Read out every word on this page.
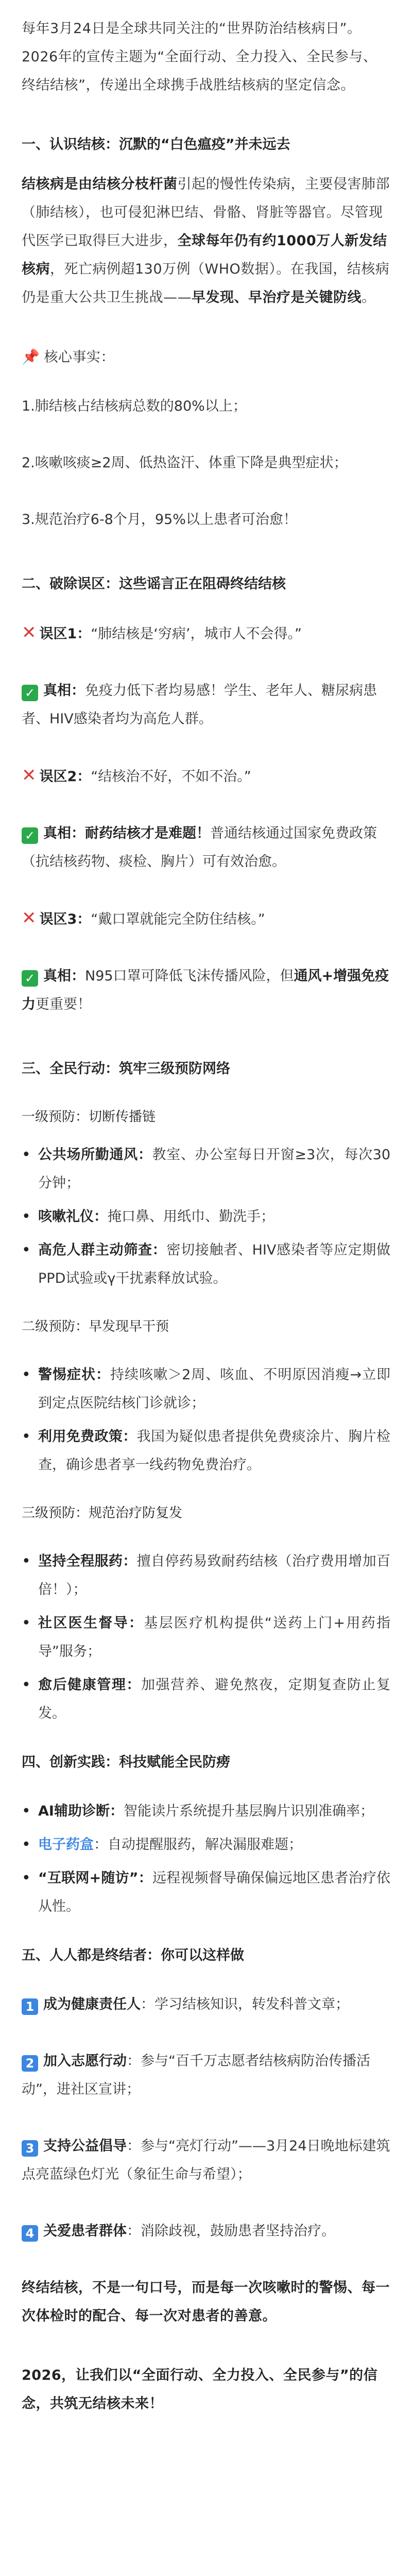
每年3月24日是全球共同关注的“世界防治结核病日”。2026年的宣传主题为“全面行动、全力投入、全民参与、终结结核”，传递出全球携手战胜结核病的坚定信念。

一、认识结核：沉默的“白色瘟疫”并未远去

结核病是由结核分枝杆菌引起的慢性传染病，主要侵害肺部（肺结核），也可侵犯淋巴结、骨骼、肾脏等器官。尽管现代医学已取得巨大进步，全球每年仍有约1000万人新发结核病，死亡病例超130万例（WHO数据）。在我国，结核病仍是重大公共卫生挑战——早发现、早治疗是关键防线。

📌 核心事实：

1.肺结核占结核病总数的80%以上；

2.咳嗽咳痰≥2周、低热盗汗、体重下降是典型症状；

3.规范治疗6-8个月，95%以上患者可治愈！

二、破除误区：这些谣言正在阻碍终结结核

✕ 误区1：“肺结核是‘穷病’，城市人不会得。”

✓ 真相：免疫力低下者均易感！学生、老年人、糖尿病患者、HIV感染者均为高危人群。

✕ 误区2：“结核治不好，不如不治。”

✓ 真相：耐药结核才是难题！普通结核通过国家免费政策（抗结核药物、痰检、胸片）可有效治愈。

✕ 误区3：“戴口罩就能完全防住结核。”

✓ 真相：N95口罩可降低飞沫传播风险，但通风+增强免疫力更重要！

三、全民行动：筑牢三级预防网络
一级预防：切断传播链
• 公共场所勤通风：教室、办公室每日开窗≥3次，每次30分钟；
• 咳嗽礼仪：掩口鼻、用纸巾、勤洗手；
• 高危人群主动筛查：密切接触者、HIV感染者等应定期做PPD试验或γ干扰素释放试验。
二级预防：早发现早干预
• 警惕症状：持续咳嗽＞2周、咳血、不明原因消瘦→立即到定点医院结核门诊就诊；
• 利用免费政策：我国为疑似患者提供免费痰涂片、胸片检查，确诊患者享一线药物免费治疗。
三级预防：规范治疗防复发
• 坚持全程服药：擅自停药易致耐药结核（治疗费用增加百倍！）；
• 社区医生督导：基层医疗机构提供“送药上门+用药指导”服务；
• 愈后健康管理：加强营养、避免熬夜，定期复查防止复发。
四、创新实践：科技赋能全民防痨
• AI辅助诊断：智能读片系统提升基层胸片识别准确率；
• 电子药盒：自动提醒服药，解决漏服难题；
• “互联网+随访”：远程视频督导确保偏远地区患者治疗依从性。
五、人人都是终结者：你可以这样做

1 成为健康责任人：学习结核知识，转发科普文章；

2 加入志愿行动：参与“百千万志愿者结核病防治传播活动”，进社区宣讲；

3 支持公益倡导：参与“亮灯行动”——3月24日晚地标建筑点亮蓝绿色灯光（象征生命与希望）；

4 关爱患者群体：消除歧视，鼓励患者坚持治疗。

终结结核，不是一句口号，而是每一次咳嗽时的警惕、每一次体检时的配合、每一次对患者的善意。

2026，让我们以“全面行动、全力投入、全民参与”的信念，共筑无结核未来！
